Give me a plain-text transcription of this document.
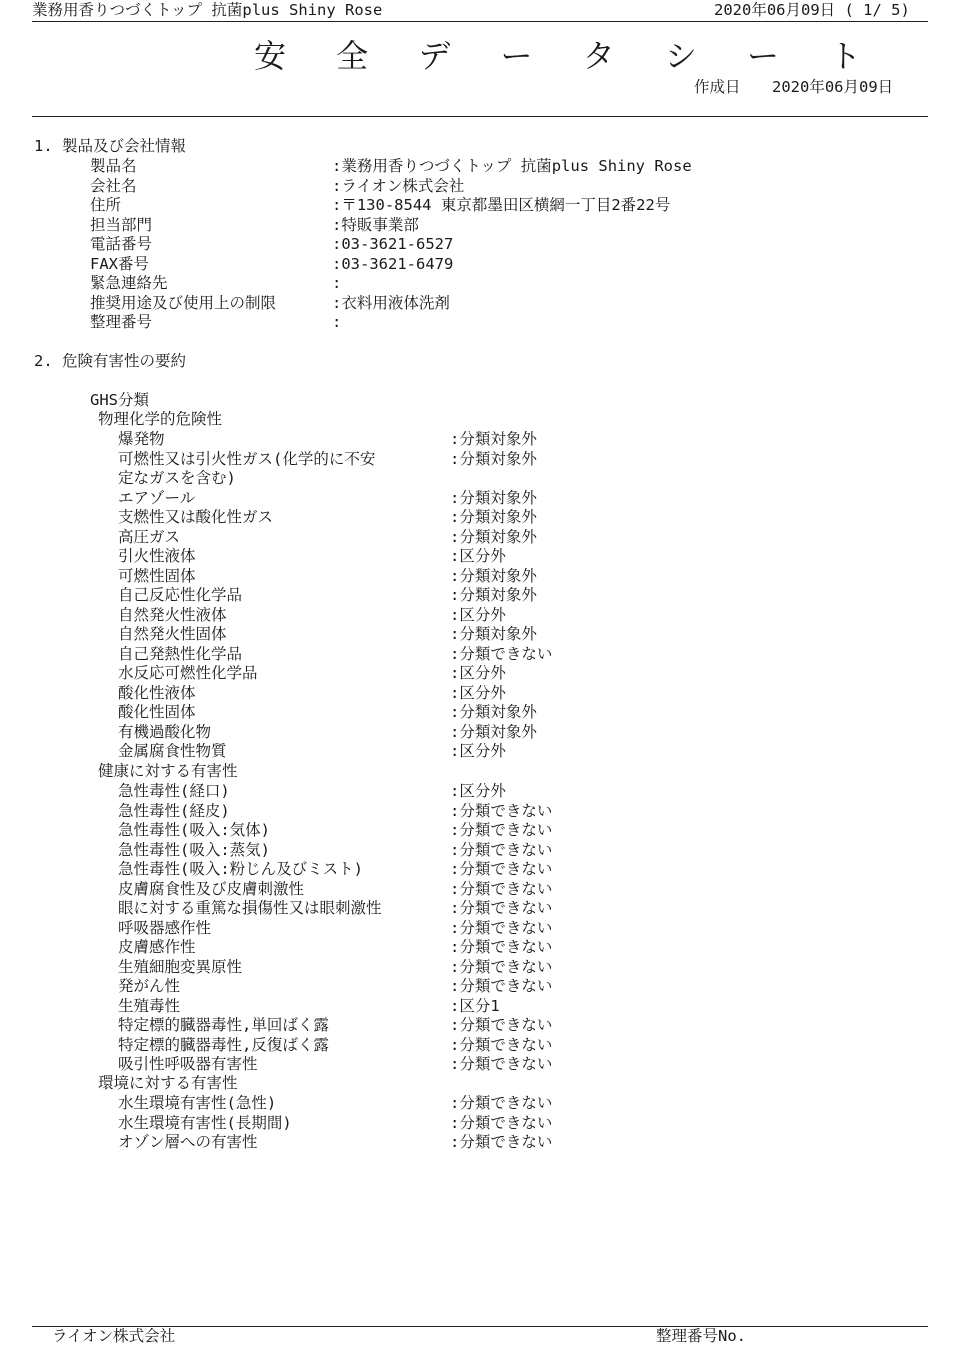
業務用香りつづくトップ 抗菌plus Shiny Rose	2020年06月09日 ( 1/ 5)
安 全 デ ー タ シ ー ト
作成日 2020年06月09日
1. 製品及び会社情報
製品名	:業務用香りつづくトップ 抗菌plus Shiny Rose
会社名	:ライオン株式会社
住所	:〒130-8544 東京都墨田区横網一丁目2番22号
担当部門	:特販事業部
電話番号	:03-3621-6527
FAX番号	:03-3621-6479
緊急連絡先	:
推奨用途及び使用上の制限	:衣料用液体洗剤
整理番号	:
2. 危険有害性の要約
GHS分類
物理化学的危険性
爆発物	:分類対象外
可燃性又は引火性ガス(化学的に不安	:分類対象外
定なガスを含む)
エアゾール	:分類対象外
支燃性又は酸化性ガス	:分類対象外
高圧ガス	:分類対象外
引火性液体	:区分外
可燃性固体	:分類対象外
自己反応性化学品	:分類対象外
自然発火性液体	:区分外
自然発火性固体	:分類対象外
自己発熱性化学品	:分類できない
水反応可燃性化学品	:区分外
酸化性液体	:区分外
酸化性固体	:分類対象外
有機過酸化物	:分類対象外
金属腐食性物質	:区分外
健康に対する有害性
急性毒性(経口)	:区分外
急性毒性(経皮)	:分類できない
急性毒性(吸入:気体)	:分類できない
急性毒性(吸入:蒸気)	:分類できない
急性毒性(吸入:粉じん及びミスト)	:分類できない
皮膚腐食性及び皮膚刺激性	:分類できない
眼に対する重篤な損傷性又は眼刺激性	:分類できない
呼吸器感作性	:分類できない
皮膚感作性	:分類できない
生殖細胞変異原性	:分類できない
発がん性	:分類できない
生殖毒性	:区分1
特定標的臓器毒性,単回ばく露	:分類できない
特定標的臓器毒性,反復ばく露	:分類できない
吸引性呼吸器有害性	:分類できない
環境に対する有害性
水生環境有害性(急性)	:分類できない
水生環境有害性(長期間)	:分類できない
オゾン層への有害性	:分類できない
ライオン株式会社	整理番号No.
